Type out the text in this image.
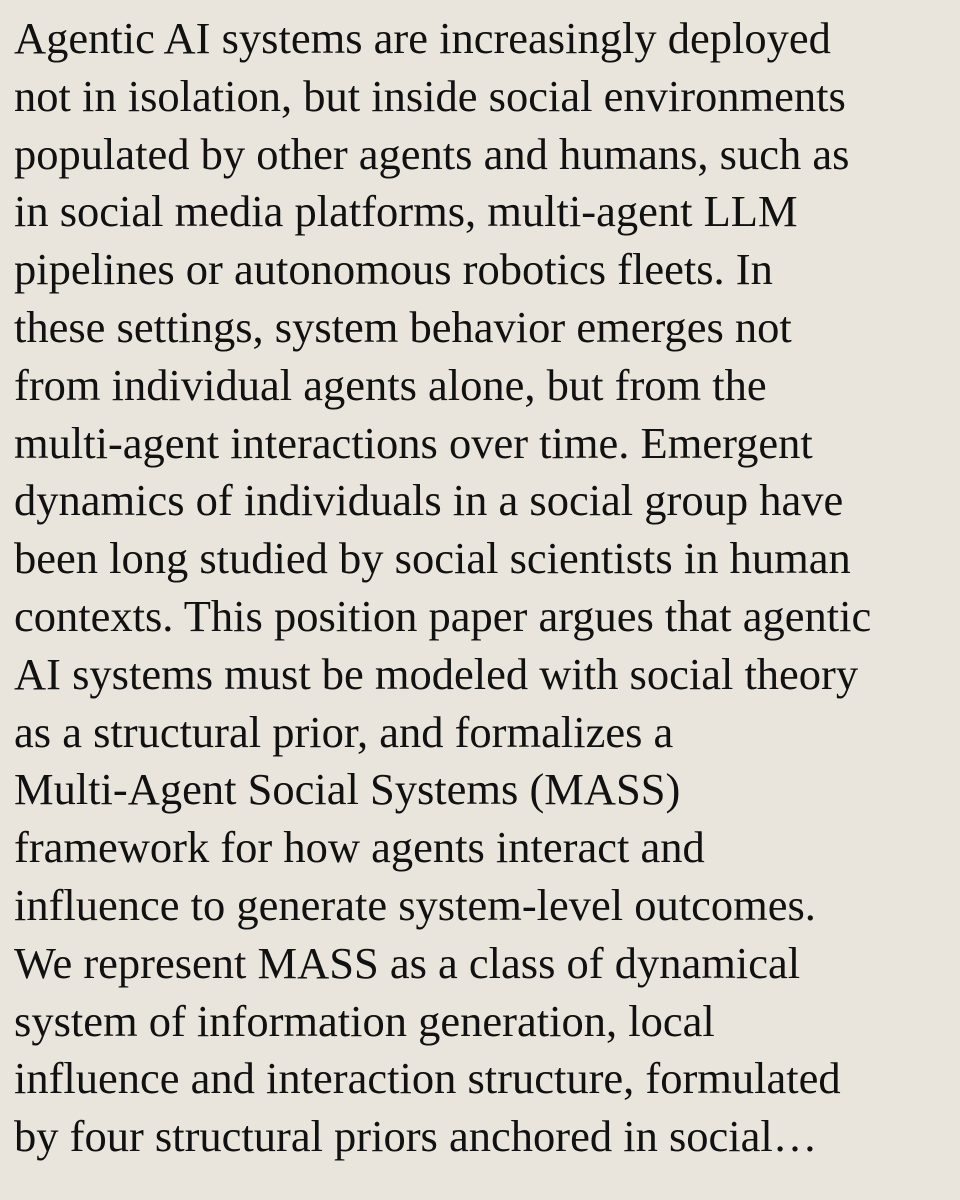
Agentic AI systems are increasingly deployed
not in isolation, but inside social environments
populated by other agents and humans, such as
in social media platforms, multi-agent LLM
pipelines or autonomous robotics fleets. In
these settings, system behavior emerges not
from individual agents alone, but from the
multi-agent interactions over time. Emergent
dynamics of individuals in a social group have
been long studied by social scientists in human
contexts. This position paper argues that agentic
AI systems must be modeled with social theory
as a structural prior, and formalizes a
Multi-Agent Social Systems (MASS)
framework for how agents interact and
influence to generate system-level outcomes.
We represent MASS as a class of dynamical
system of information generation, local
influence and interaction structure, formulated
by four structural priors anchored in social…
